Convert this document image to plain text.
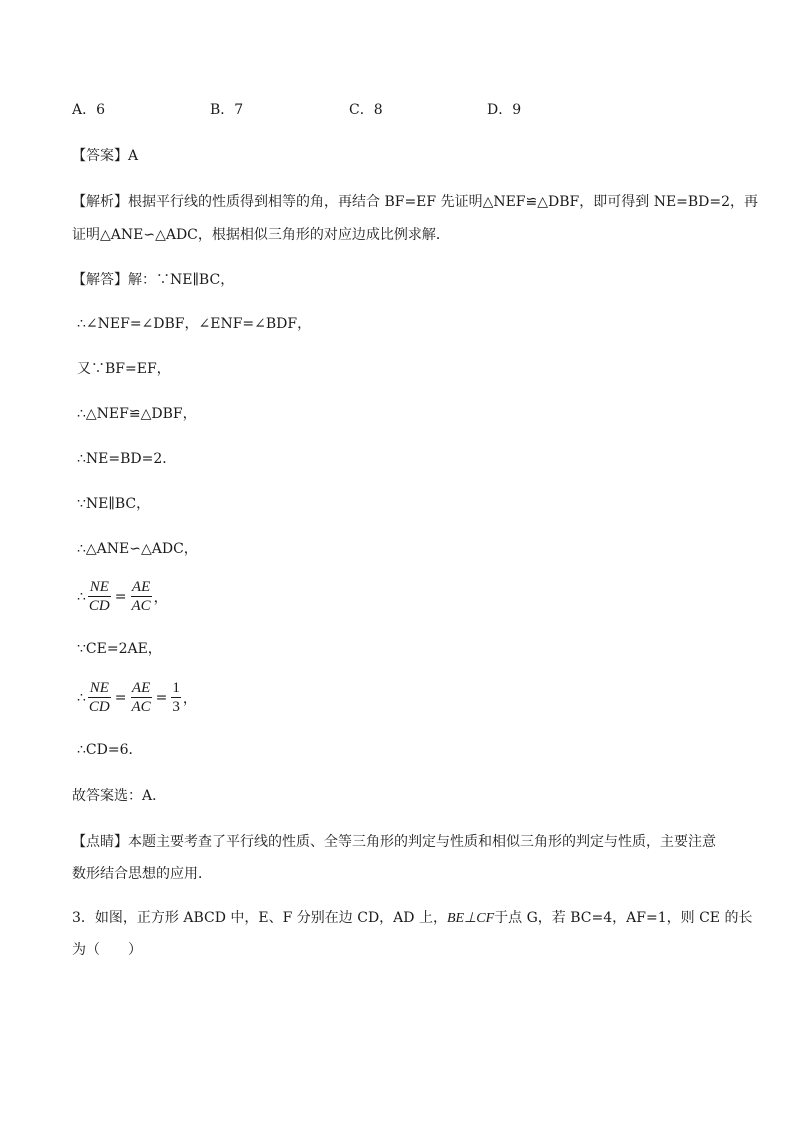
A．6	B．7	C．8	D．9
【答案】A
【解析】根据平行线的性质得到相等的角，再结合 BF=EF 先证明△NEF≌△DBF，即可得到 NE=BD=2，再
证明△ANE∽△ADC，根据相似三角形的对应边成比例求解．
【解答】解：∵NE∥BC，
∴∠NEF=∠DBF，∠ENF=∠BDF，
又∵BF=EF，
∴△NEF≌△DBF，
∴NE=BD=2．
∵NE∥BC，
∴△ANE∽△ADC，
∴ $\frac{NE}{CD} = \frac{AE}{AC}$ ，
∵CE=2AE，
∴ $\frac{NE}{CD} = \frac{AE}{AC} = \frac{1}{3}$ ，
∴CD=6．
故答案选：A．
【点睛】本题主要考查了平行线的性质、全等三角形的判定与性质和相似三角形的判定与性质，主要注意
数形结合思想的应用．
3．如图，正方形 ABCD 中，E、F 分别在边 CD，AD 上，BE⊥CF于点 G，若 BC=4，AF=1，则 CE 的长
为（　　）
